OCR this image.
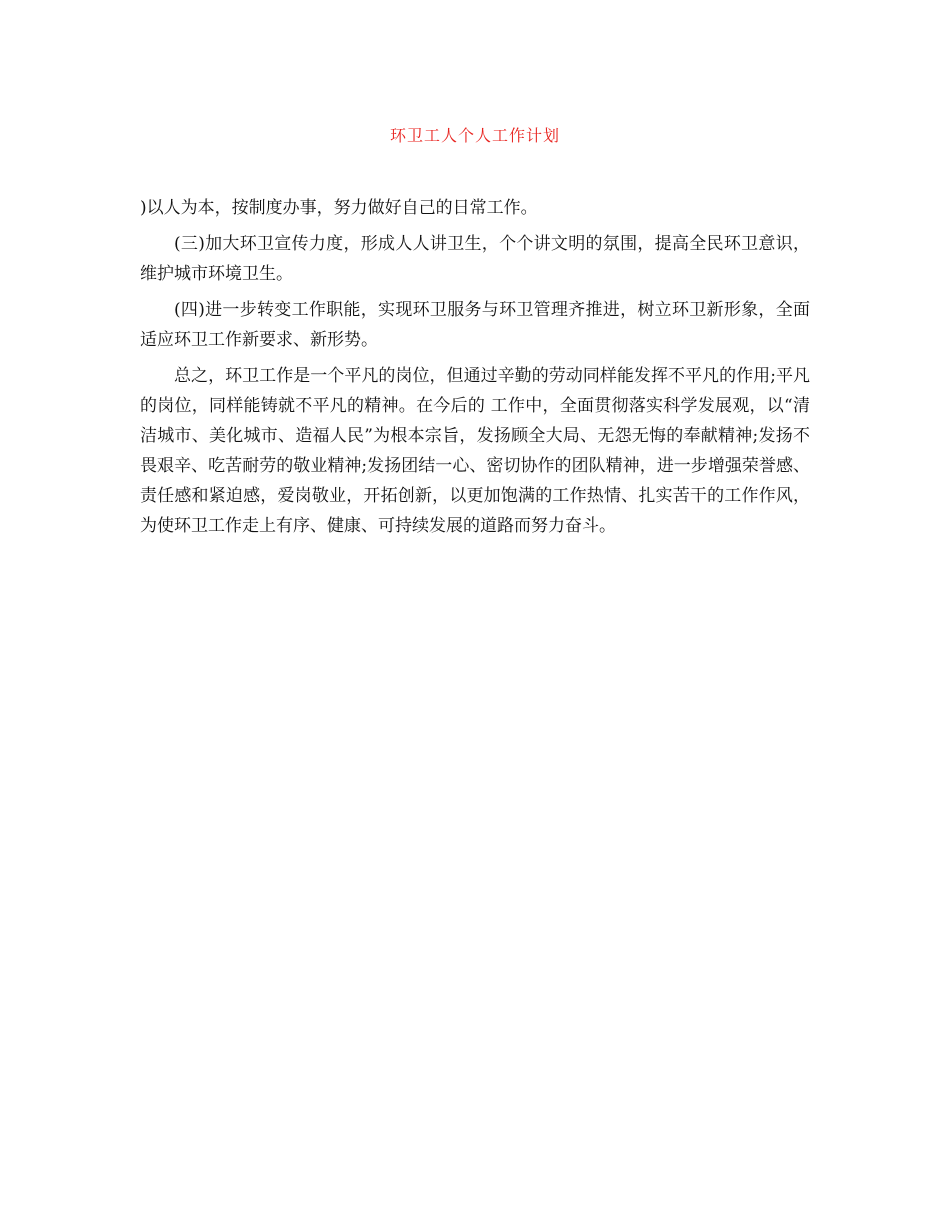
环卫工人个人工作计划

)以人为本，按制度办事，努力做好自己的日常工作。

(三)加大环卫宣传力度，形成人人讲卫生，个个讲文明的氛围，提高全民环卫意识，维护城市环境卫生。

(四)进一步转变工作职能，实现环卫服务与环卫管理齐推进，树立环卫新形象，全面适应环卫工作新要求、新形势。

总之，环卫工作是一个平凡的岗位，但通过辛勤的劳动同样能发挥不平凡的作用;平凡的岗位，同样能铸就不平凡的精神。在今后的 工作中，全面贯彻落实科学发展观，以“清洁城市、美化城市、造福人民”为根本宗旨，发扬顾全大局、无怨无悔的奉献精神;发扬不畏艰辛、吃苦耐劳的敬业精神;发扬团结一心、密切协作的团队精神，进一步增强荣誉感、责任感和紧迫感，爱岗敬业，开拓创新，以更加饱满的工作热情、扎实苦干的工作作风，为使环卫工作走上有序、健康、可持续发展的道路而努力奋斗。
